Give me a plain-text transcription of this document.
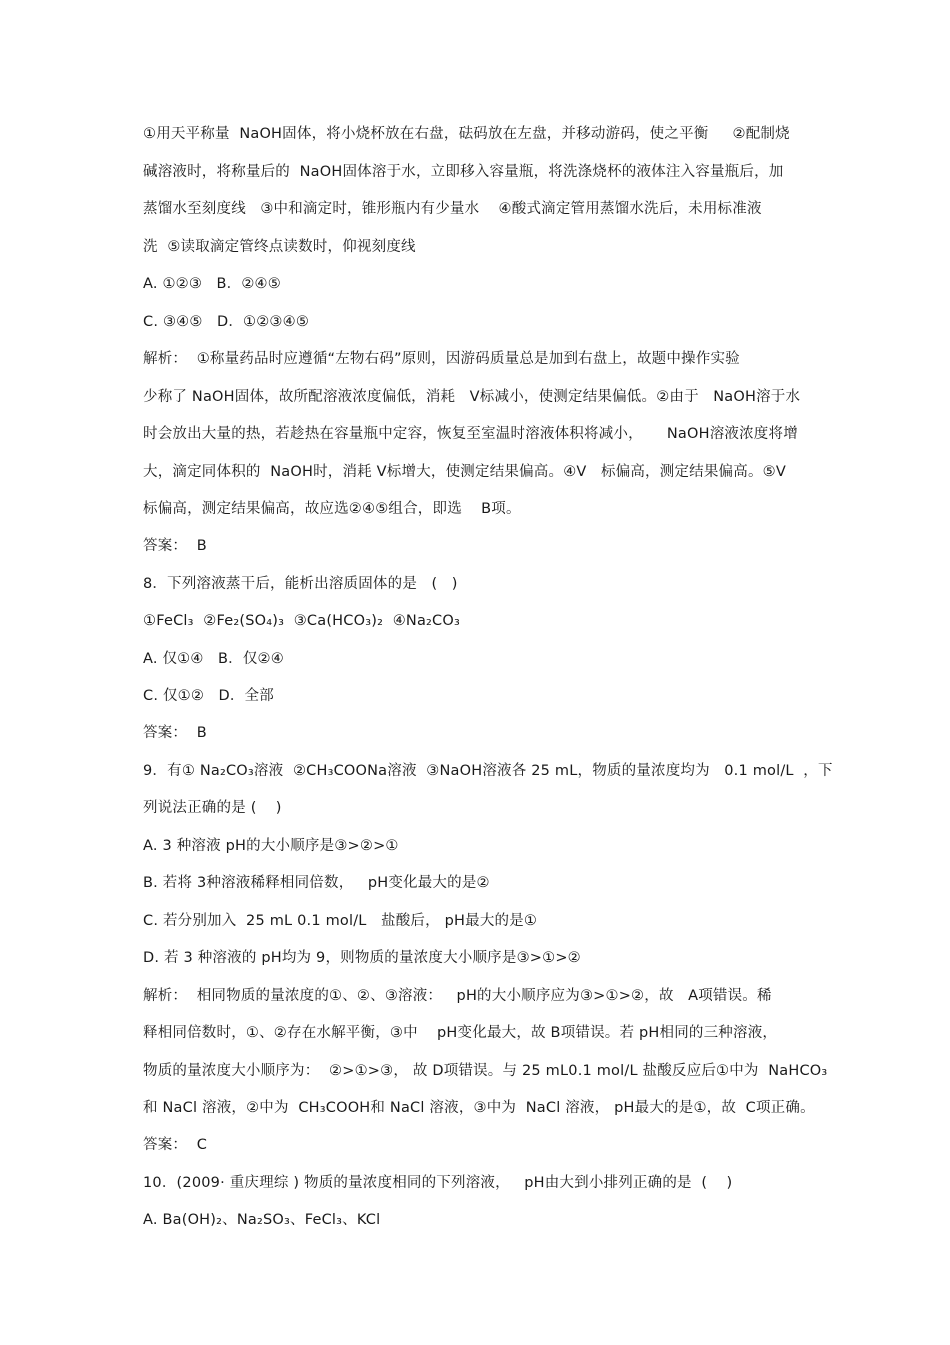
①用天平称量  NaOH固体，将小烧杯放在右盘，砝码放在左盘，并移动游码，使之平衡     ②配制烧
碱溶液时，将称量后的  NaOH固体溶于水，立即移入容量瓶，将洗涤烧杯的液体注入容量瓶后，加
蒸馏水至刻度线   ③中和滴定时，锥形瓶内有少量水    ④酸式滴定管用蒸馏水洗后，未用标准液
洗  ⑤读取滴定管终点读数时，仰视刻度线
A. ①②③   B．②④⑤
C. ③④⑤   D．①②③④⑤
解析：  ①称量药品时应遵循“左物右码”原则，因游码质量总是加到右盘上，故题中操作实验
少称了 NaOH固体，故所配溶液浓度偏低，消耗   V标减小，使测定结果偏低。②由于   NaOH溶于水
时会放出大量的热，若趁热在容量瓶中定容，恢复至室温时溶液体积将减小，     NaOH溶液浓度将增
大，滴定同体积的  NaOH时，消耗 V标增大，使测定结果偏高。④V   标偏高，测定结果偏高。⑤V
标偏高，测定结果偏高，故应选②④⑤组合，即选    B项。
答案：  B
8．下列溶液蒸干后，能析出溶质固体的是   (   )
①FeCl₃  ②Fe₂(SO₄)₃  ③Ca(HCO₃)₂  ④Na₂CO₃
A. 仅①④   B．仅②④
C. 仅①②   D．全部
答案：  B
9．有① Na₂CO₃溶液  ②CH₃COONa溶液  ③NaOH溶液各 25 mL，物质的量浓度均为   0.1 mol/L  ，下
列说法正确的是 (    )
A. 3 种溶液 pH的大小顺序是③>②>①
B. 若将 3种溶液稀释相同倍数，   pH变化最大的是②
C. 若分别加入  25 mL 0.1 mol/L   盐酸后， pH最大的是①
D. 若 3 种溶液的 pH均为 9，则物质的量浓度大小顺序是③>①>②
解析：  相同物质的量浓度的①、②、③溶液：   pH的大小顺序应为③>①>②，故   A项错误。稀
释相同倍数时，①、②存在水解平衡，③中    pH变化最大，故 B项错误。若 pH相同的三种溶液，
物质的量浓度大小顺序为：  ②>①>③， 故 D项错误。与 25 mL0.1 mol/L 盐酸反应后①中为  NaHCO₃
和 NaCl 溶液，②中为  CH₃COOH和 NaCl 溶液，③中为  NaCl 溶液， pH最大的是①，故  C项正确。
答案：  C
10．(2009· 重庆理综 ) 物质的量浓度相同的下列溶液，   pH由大到小排列正确的是  (    )
A. Ba(OH)₂、Na₂SO₃、FeCl₃、KCl
